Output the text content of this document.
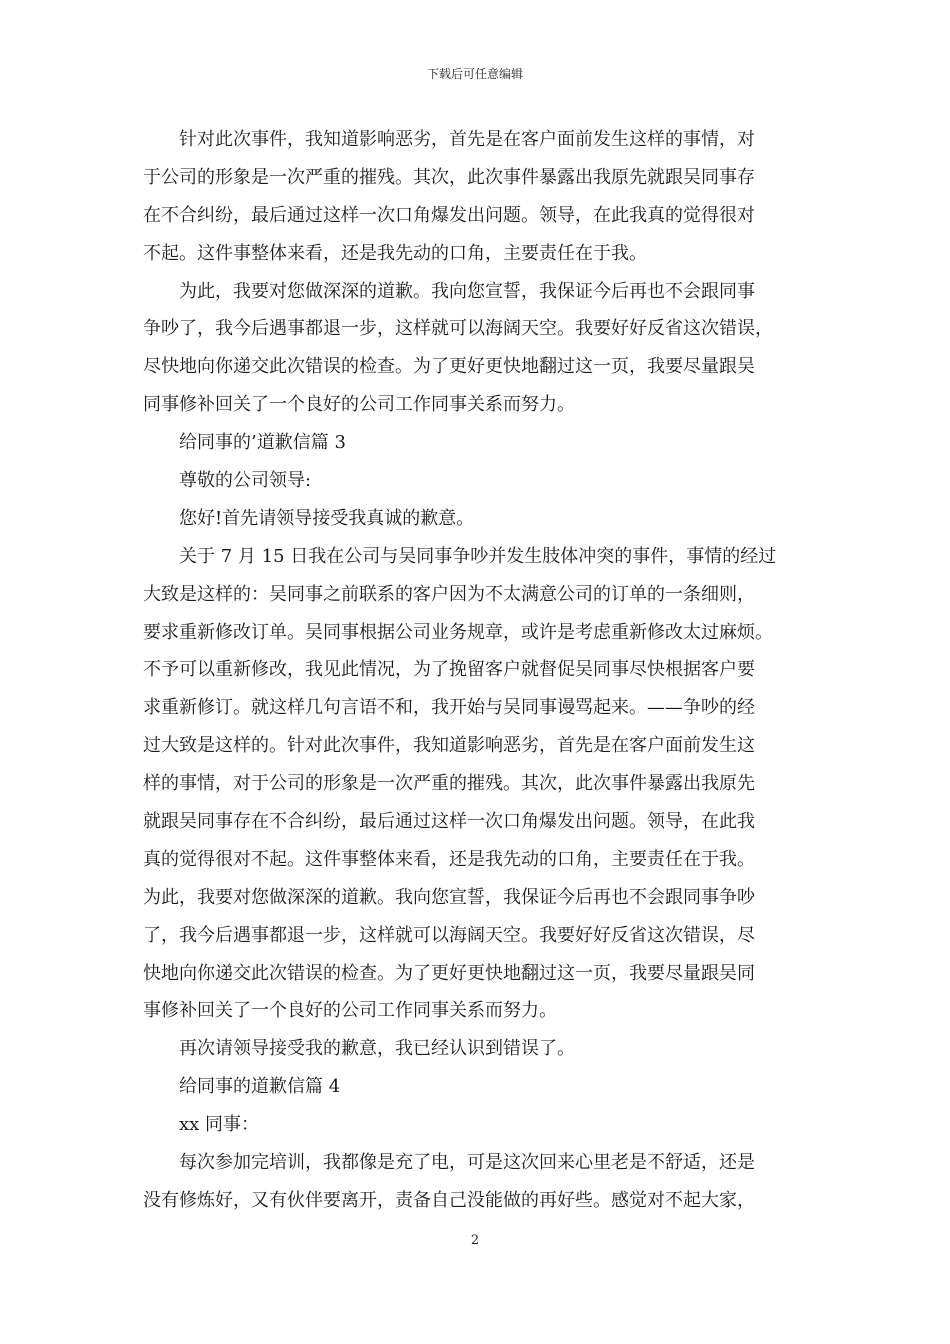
下载后可任意编辑
针对此次事件，我知道影响恶劣，首先是在客户面前发生这样的事情，对
于公司的形象是一次严重的摧残。其次，此次事件暴露出我原先就跟吴同事存
在不合纠纷，最后通过这样一次口角爆发出问题。领导，在此我真的觉得很对
不起。这件事整体来看，还是我先动的口角，主要责任在于我。
为此，我要对您做深深的道歉。我向您宣誓，我保证今后再也不会跟同事
争吵了，我今后遇事都退一步，这样就可以海阔天空。我要好好反省这次错误，
尽快地向你递交此次错误的检查。为了更好更快地翻过这一页，我要尽量跟吴
同事修补回关了一个良好的公司工作同事关系而努力。
给同事的’道歉信篇 3
尊敬的公司领导:
您好!首先请领导接受我真诚的歉意。
关于 7 月 15 日我在公司与吴同事争吵并发生肢体冲突的事件，事情的经过
大致是这样的：吴同事之前联系的客户因为不太满意公司的订单的一条细则，
要求重新修改订单。吴同事根据公司业务规章，或许是考虑重新修改太过麻烦。
不予可以重新修改，我见此情况，为了挽留客户就督促吴同事尽快根据客户要
求重新修订。就这样几句言语不和，我开始与吴同事谩骂起来。——争吵的经
过大致是这样的。针对此次事件，我知道影响恶劣，首先是在客户面前发生这
样的事情，对于公司的形象是一次严重的摧残。其次，此次事件暴露出我原先
就跟吴同事存在不合纠纷，最后通过这样一次口角爆发出问题。领导，在此我
真的觉得很对不起。这件事整体来看，还是我先动的口角，主要责任在于我。
为此，我要对您做深深的道歉。我向您宣誓，我保证今后再也不会跟同事争吵
了，我今后遇事都退一步，这样就可以海阔天空。我要好好反省这次错误，尽
快地向你递交此次错误的检查。为了更好更快地翻过这一页，我要尽量跟吴同
事修补回关了一个良好的公司工作同事关系而努力。
再次请领导接受我的歉意，我已经认识到错误了。
给同事的道歉信篇 4
xx 同事：
每次参加完培训，我都像是充了电，可是这次回来心里老是不舒适，还是
没有修炼好，又有伙伴要离开，责备自己没能做的再好些。感觉对不起大家，
2
